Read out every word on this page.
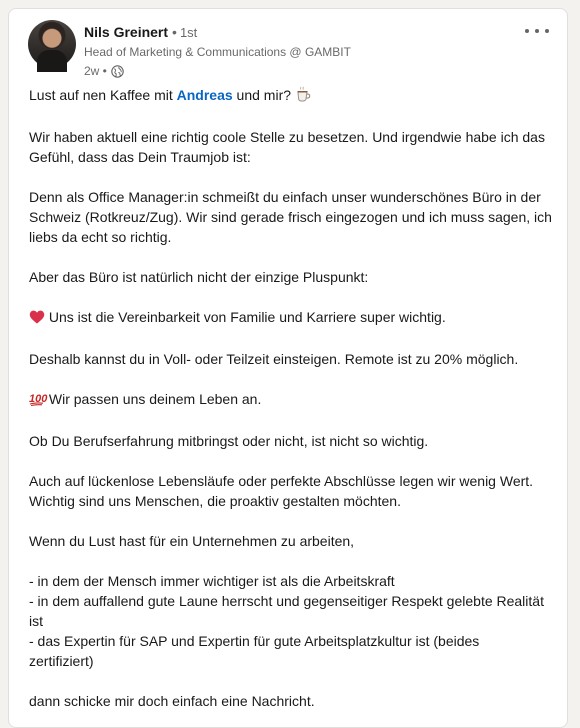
Nils Greinert • 1st
Head of Marketing & Communications @ GAMBIT
2w •

Lust auf nen Kaffee mit Andreas und mir?

Wir haben aktuell eine richtig coole Stelle zu besetzen. Und irgendwie habe ich das
Gefühl, dass das Dein Traumjob ist:

Denn als Office Manager:in schmeißt du einfach unser wunderschönes Büro in der
Schweiz (Rotkreuz/Zug). Wir sind gerade frisch eingezogen und ich muss sagen, ich
liebs da echt so richtig.

Aber das Büro ist natürlich nicht der einzige Pluspunkt:

Uns ist die Vereinbarkeit von Familie und Karriere super wichtig.

Deshalb kannst du in Voll- oder Teilzeit einsteigen. Remote ist zu 20% möglich.

100 Wir passen uns deinem Leben an.

Ob Du Berufserfahrung mitbringst oder nicht, ist nicht so wichtig.

Auch auf lückenlose Lebensläufe oder perfekte Abschlüsse legen wir wenig Wert.
Wichtig sind uns Menschen, die proaktiv gestalten möchten.

Wenn du Lust hast für ein Unternehmen zu arbeiten,

- in dem der Mensch immer wichtiger ist als die Arbeitskraft

- in dem auffallend gute Laune herrscht und gegenseitiger Respekt gelebte Realität
ist

- das Expertin für SAP und Expertin für gute Arbeitsplatzkultur ist (beides
zertifiziert)

dann schicke mir doch einfach eine Nachricht.
